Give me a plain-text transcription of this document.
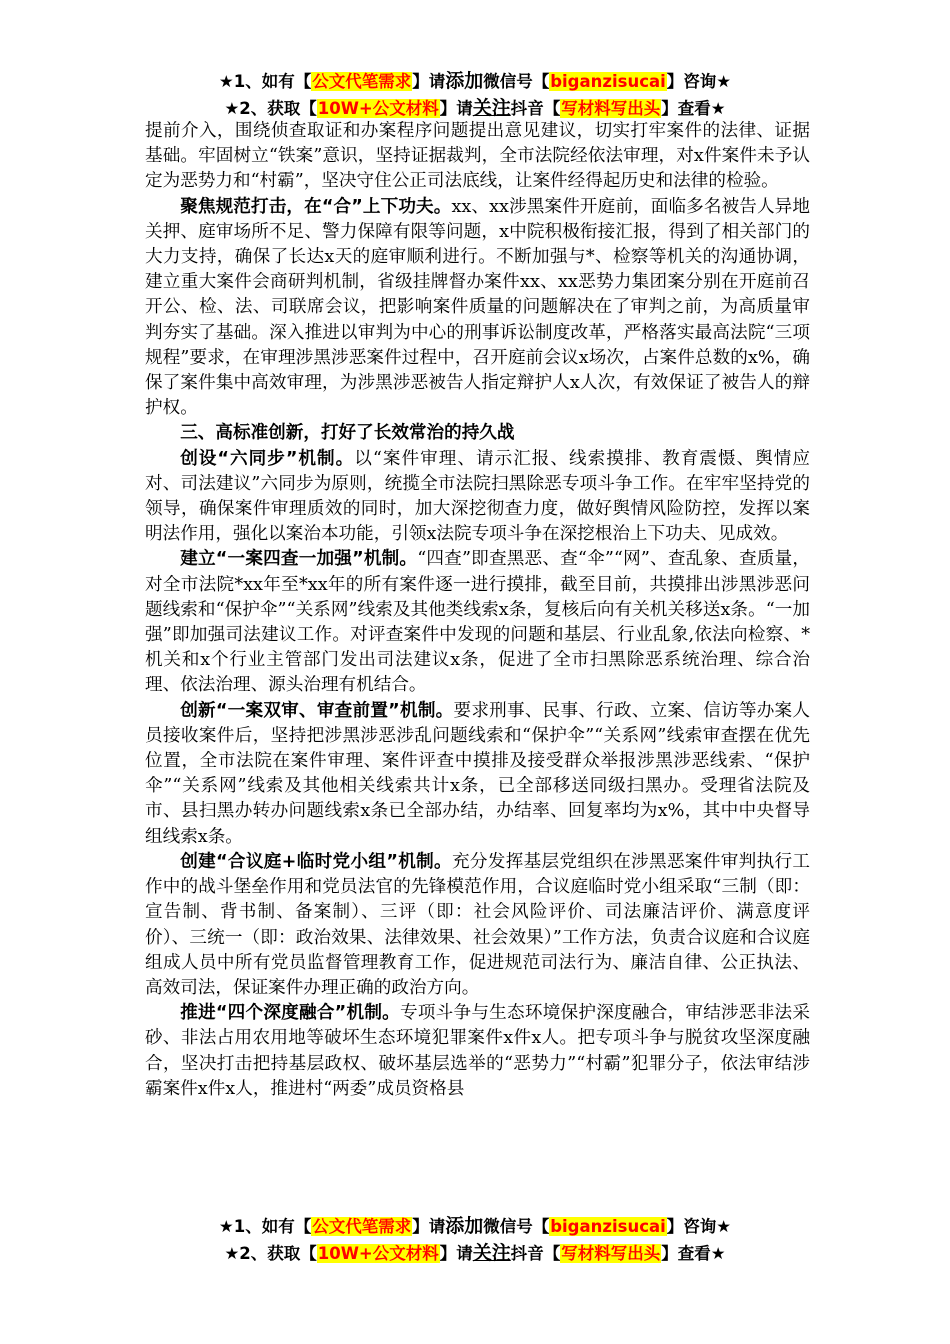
★1、如有【公文代笔需求】请添加微信号【biganzisucai】咨询★
★2、获取【10W+公文材料】请关注抖音【写材料写出头】查看★

提前介入，围绕侦查取证和办案程序问题提出意见建议，切实打牢案件的法律、证据基础。牢固树立“铁案”意识，坚持证据裁判，全市法院经依法审理，对x件案件未予认定为恶势力和“村霸”，坚决守住公正司法底线，让案件经得起历史和法律的检验。

聚焦规范打击，在“合”上下功夫。xx、xx涉黑案件开庭前，面临多名被告人异地关押、庭审场所不足、警力保障有限等问题，x中院积极衔接汇报，得到了相关部门的大力支持，确保了长达x天的庭审顺利进行。不断加强与*、检察等机关的沟通协调，建立重大案件会商研判机制，省级挂牌督办案件xx、xx恶势力集团案分别在开庭前召开公、检、法、司联席会议，把影响案件质量的问题解决在了审判之前，为高质量审判夯实了基础。深入推进以审判为中心的刑事诉讼制度改革，严格落实最高法院“三项规程”要求，在审理涉黑涉恶案件过程中，召开庭前会议x场次，占案件总数的x%，确保了案件集中高效审理，为涉黑涉恶被告人指定辩护人x人次，有效保证了被告人的辩护权。

三、高标准创新，打好了长效常治的持久战

创设“六同步”机制。以“案件审理、请示汇报、线索摸排、教育震慑、舆情应对、司法建议”六同步为原则，统揽全市法院扫黑除恶专项斗争工作。在牢牢坚持党的领导，确保案件审理质效的同时，加大深挖彻查力度，做好舆情风险防控，发挥以案明法作用，强化以案治本功能，引领x法院专项斗争在深挖根治上下功夫、见成效。

建立“一案四查一加强”机制。“四查”即查黑恶、查“伞”“网”、查乱象、查质量，对全市法院*xx年至*xx年的所有案件逐一进行摸排，截至目前，共摸排出涉黑涉恶问题线索和“保护伞”“关系网”线索及其他类线索x条，复核后向有关机关移送x条。“一加强”即加强司法建议工作。对评查案件中发现的问题和基层、行业乱象,依法向检察、*机关和x个行业主管部门发出司法建议x条，促进了全市扫黑除恶系统治理、综合治理、依法治理、源头治理有机结合。

创新“一案双审、审查前置”机制。要求刑事、民事、行政、立案、信访等办案人员接收案件后，坚持把涉黑涉恶涉乱问题线索和“保护伞”“关系网”线索审查摆在优先位置，全市法院在案件审理、案件评查中摸排及接受群众举报涉黑涉恶线索、“保护伞”“关系网”线索及其他相关线索共计x条，已全部移送同级扫黑办。受理省法院及市、县扫黑办转办问题线索x条已全部办结，办结率、回复率均为x%，其中中央督导组线索x条。

创建“合议庭+临时党小组”机制。充分发挥基层党组织在涉黑恶案件审判执行工作中的战斗堡垒作用和党员法官的先锋模范作用，合议庭临时党小组采取“三制（即：宣告制、背书制、备案制）、三评（即：社会风险评价、司法廉洁评价、满意度评价）、三统一（即：政治效果、法律效果、社会效果）”工作方法，负责合议庭和合议庭组成人员中所有党员监督管理教育工作，促进规范司法行为、廉洁自律、公正执法、高效司法，保证案件办理正确的政治方向。

推进“四个深度融合”机制。专项斗争与生态环境保护深度融合，审结涉恶非法采砂、非法占用农用地等破坏生态环境犯罪案件x件x人。把专项斗争与脱贫攻坚深度融合，坚决打击把持基层政权、破坏基层选举的“恶势力”“村霸”犯罪分子，依法审结涉霸案件x件x人，推进村“两委”成员资格县

★1、如有【公文代笔需求】请添加微信号【biganzisucai】咨询★
★2、获取【10W+公文材料】请关注抖音【写材料写出头】查看★
